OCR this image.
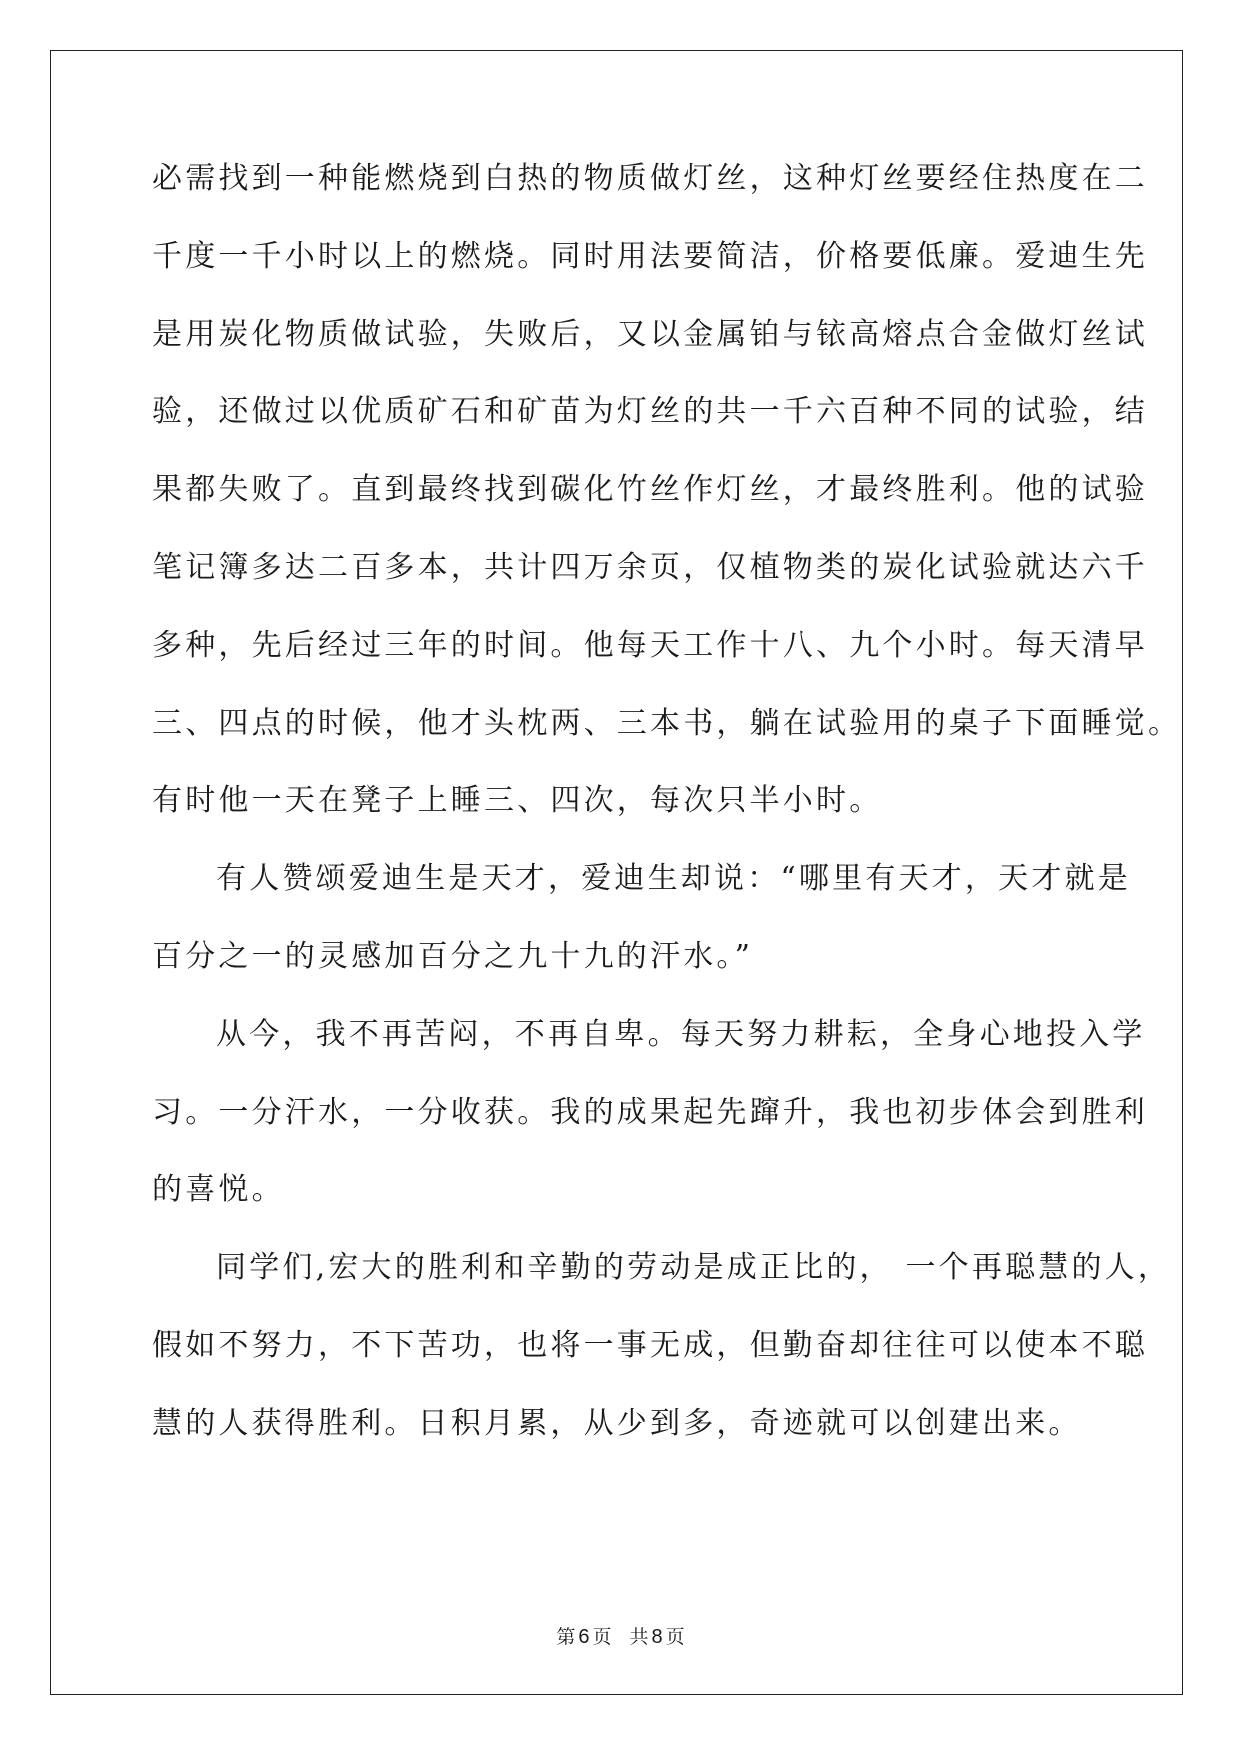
必需找到一种能燃烧到白热的物质做灯丝，这种灯丝要经住热度在二
千度一千小时以上的燃烧。同时用法要简洁，价格要低廉。爱迪生先
是用炭化物质做试验，失败后，又以金属铂与铱高熔点合金做灯丝试
验，还做过以优质矿石和矿苗为灯丝的共一千六百种不同的试验，结
果都失败了。直到最终找到碳化竹丝作灯丝，才最终胜利。他的试验
笔记簿多达二百多本，共计四万余页，仅植物类的炭化试验就达六千
多种，先后经过三年的时间。他每天工作十八、九个小时。每天清早
三、四点的时候，他才头枕两、三本书，躺在试验用的桌子下面睡觉。
有时他一天在凳子上睡三、四次，每次只半小时。
有人赞颂爱迪生是天才，爱迪生却说：“哪里有天才，天才就是
百分之一的灵感加百分之九十九的汗水。”
从今，我不再苦闷，不再自卑。每天努力耕耘，全身心地投入学
习。一分汗水，一分收获。我的成果起先蹿升，我也初步体会到胜利
的喜悦。
同学们,宏大的胜利和辛勤的劳动是成正比的， 一个再聪慧的人，
假如不努力，不下苦功，也将一事无成，但勤奋却往往可以使本不聪
慧的人获得胜利。日积月累，从少到多，奇迹就可以创建出来。
第 6 页 共 8 页
